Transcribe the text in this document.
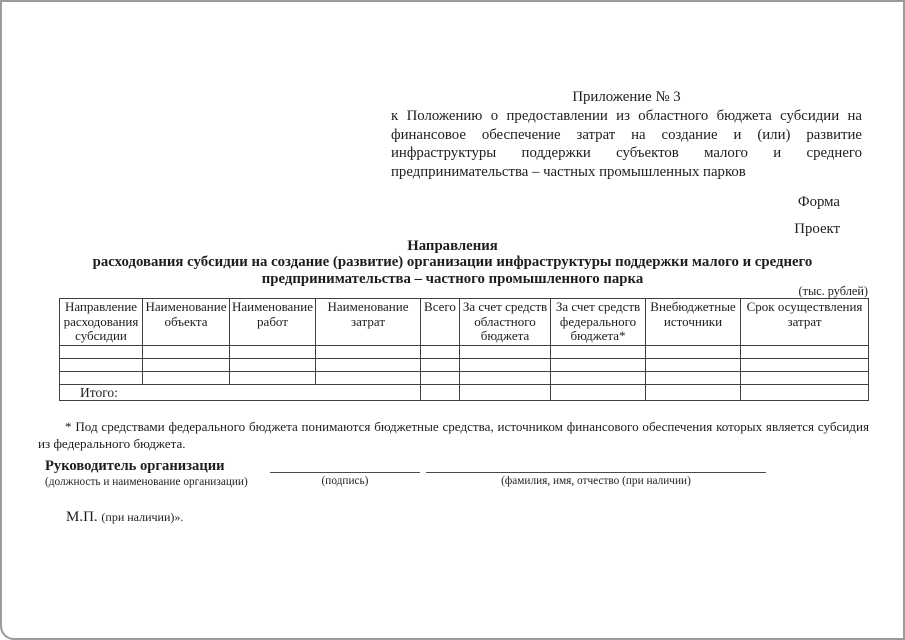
Приложение № 3
к Положению о предоставлении из областного бюджета субсидии на финансовое обеспечение затрат на создание и (или) развитие инфраструктуры поддержки субъектов малого и среднего предпринимательства – частных промышленных парков
Форма
Проект
Направления
расходования субсидии на создание (развитие) организации инфраструктуры поддержки малого и среднего
предпринимательства – частного промышленного парка
(тыс. рублей)
Направление расходования субсидии	Наименование объекта	Наименование работ	Наименование затрат	Всего	За счет средств областного бюджета	За счет средств федерального бюджета*	Внебюджетные источники	Срок осуществления затрат

Итого:								
* Под средствами федерального бюджета понимаются бюджетные средства, источником финансового обеспечения которых является субсидия из федерального бюджета.
Руководитель организации
(должность и наименование организации)	(подпись)	(фамилия, имя, отчество (при наличии)
М.П. (при наличии)».
